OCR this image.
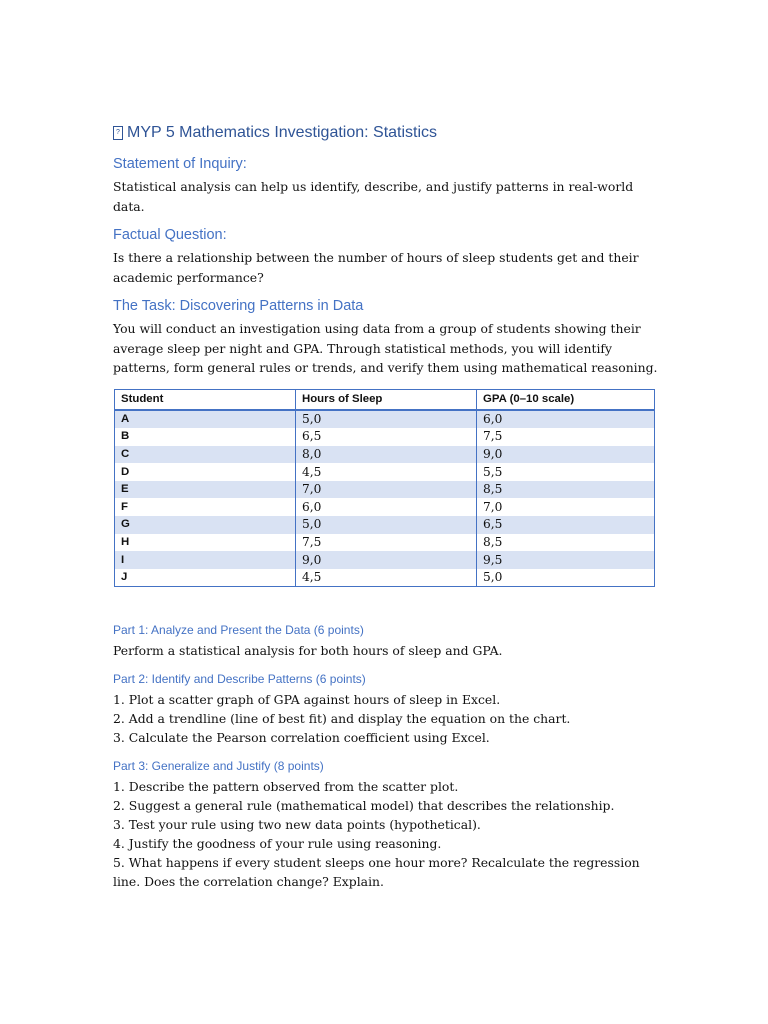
? MYP 5 Mathematics Investigation: Statistics
Statement of Inquiry:

Statistical analysis can help us identify, describe, and justify patterns in real-world data.

Factual Question:

Is there a relationship between the number of hours of sleep students get and their academic performance?

The Task: Discovering Patterns in Data

You will conduct an investigation using data from a group of students showing their average sleep per night and GPA. Through statistical methods, you will identify patterns, form general rules or trends, and verify them using mathematical reasoning.

Student	Hours of Sleep	GPA (0–10 scale)
A	5,0	6,0
B	6,5	7,5
C	8,0	9,0
D	4,5	5,5
E	7,0	8,5
F	6,0	7,0
G	5,0	6,5
H	7,5	8,5
I	9,0	9,5
J	4,5	5,0
Part 1: Analyze and Present the Data (6 points)

Perform a statistical analysis for both hours of sleep and GPA.

Part 2: Identify and Describe Patterns (6 points)
1. Plot a scatter graph of GPA against hours of sleep in Excel.
2. Add a trendline (line of best fit) and display the equation on the chart.
3. Calculate the Pearson correlation coefficient using Excel.
Part 3: Generalize and Justify (8 points)
1. Describe the pattern observed from the scatter plot.
2. Suggest a general rule (mathematical model) that describes the relationship.
3. Test your rule using two new data points (hypothetical).
4. Justify the goodness of your rule using reasoning.
5. What happens if every student sleeps one hour more? Recalculate the regression line. Does the correlation change? Explain.
